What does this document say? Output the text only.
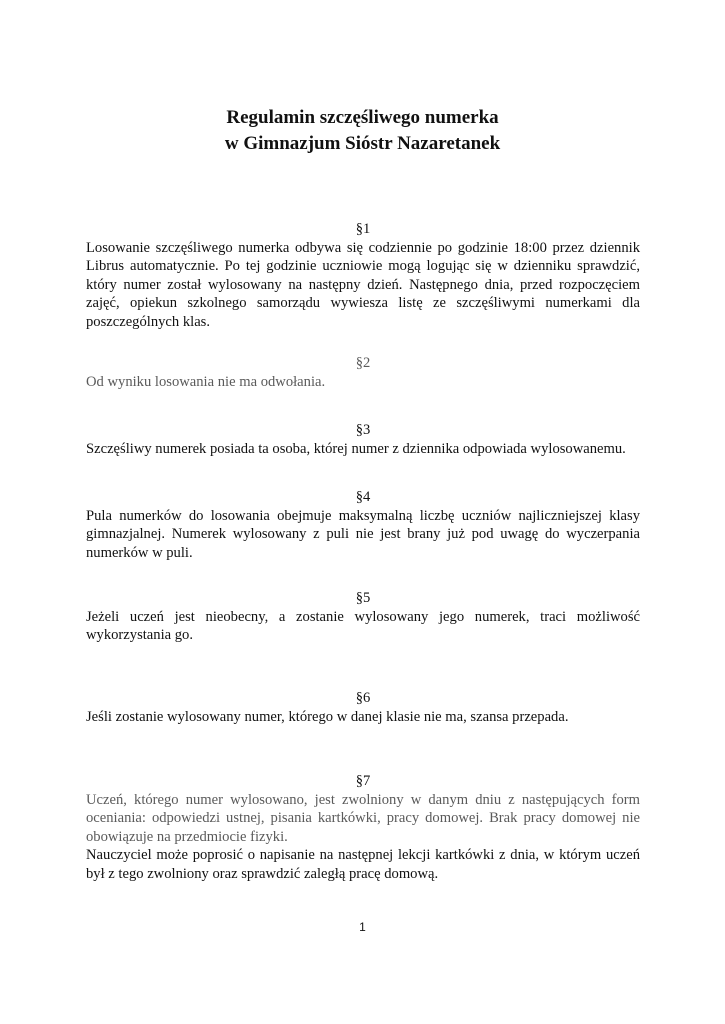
Regulamin szczęśliwego numerka
w Gimnazjum Sióstr Nazaretanek
§1
Losowanie szczęśliwego numerka odbywa się codziennie po godzinie 18:00 przez dziennik Librus automatycznie. Po tej godzinie uczniowie mogą logując się w dzienniku sprawdzić, który numer został wylosowany na następny dzień. Następnego dnia, przed rozpoczęciem zajęć, opiekun szkolnego samorządu wywiesza listę ze szczęśliwymi numerkami dla poszczególnych klas.
§2
Od wyniku losowania nie ma odwołania.
§3
Szczęśliwy numerek posiada ta osoba, której numer z dziennika odpowiada wylosowanemu.
§4
Pula numerków do losowania obejmuje maksymalną liczbę uczniów najliczniejszej klasy gimnazjalnej. Numerek wylosowany z puli nie jest brany już pod uwagę do wyczerpania numerków w puli.
§5
Jeżeli uczeń jest nieobecny, a zostanie wylosowany jego numerek, traci możliwość wykorzystania go.
§6
Jeśli zostanie wylosowany numer, którego w danej klasie nie ma, szansa przepada.
§7
Uczeń, którego numer wylosowano, jest zwolniony w danym dniu z następujących form oceniania: odpowiedzi ustnej, pisania kartkówki, pracy domowej. Brak pracy domowej nie obowiązuje na przedmiocie fizyki.
Nauczyciel może poprosić o napisanie na następnej lekcji kartkówki z dnia, w którym uczeń był z tego zwolniony oraz sprawdzić zaległą pracę domową.
1
